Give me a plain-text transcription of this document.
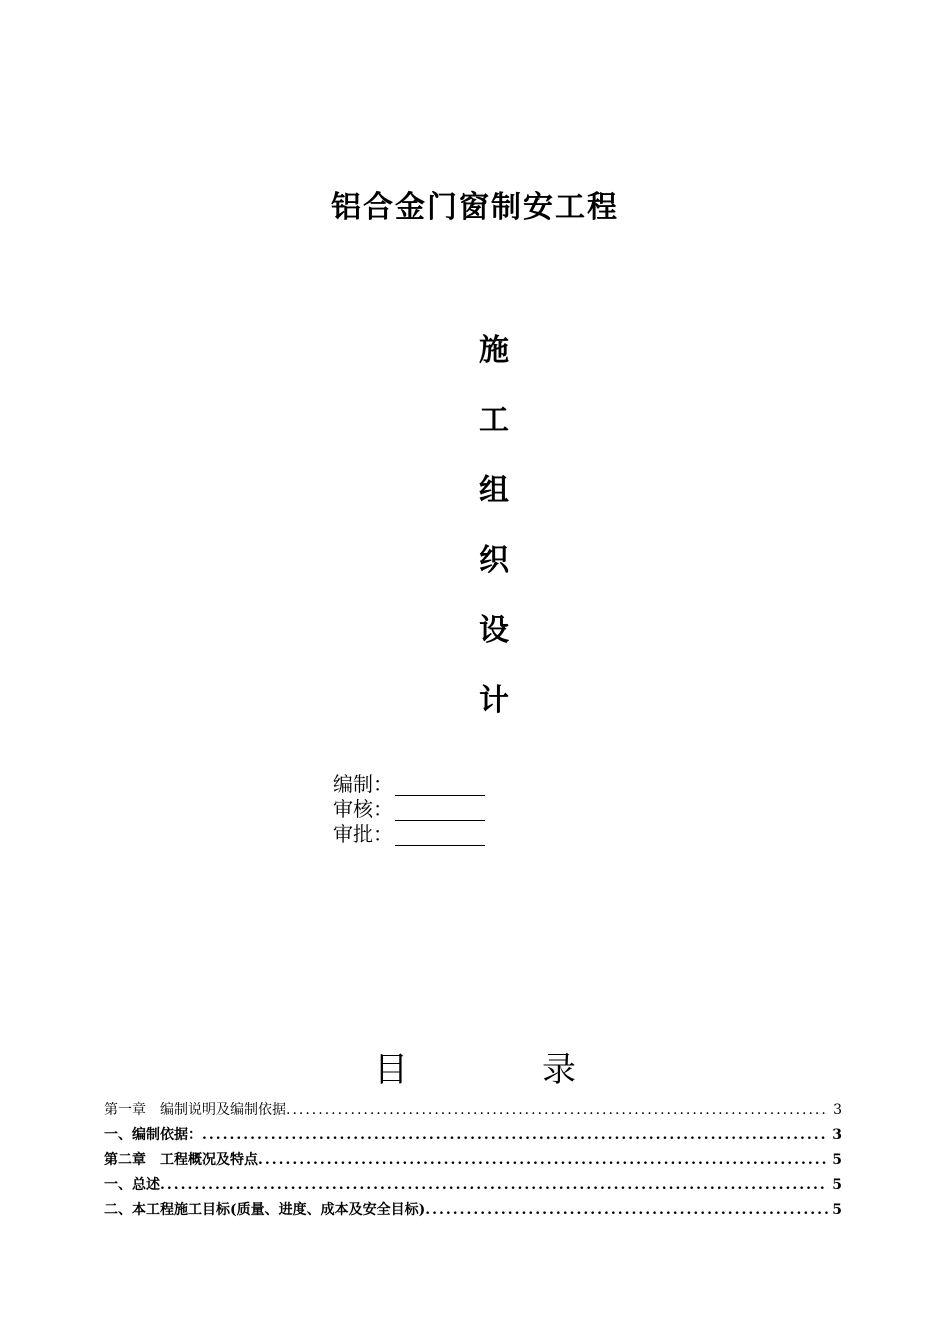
铝合金门窗制安工程
施
工
组
织
设
计
编制：
审核：
审批：
目	录
第一章　编制说明及编制依据 .....	3
一、编制依据： .....	3
第二章　工程概况及特点 .....	5
一、总述 .....	5
二、本工程施工目标(质量、进度、成本及安全目标) .....	5
